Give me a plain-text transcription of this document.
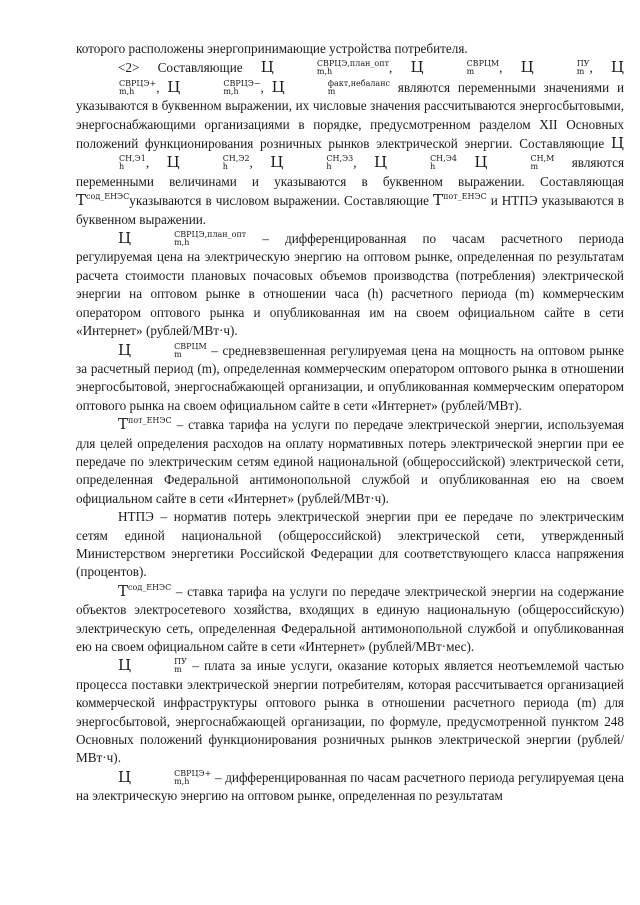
которого расположены энергопринимающие устройства потребителя.

<2> Составляющие Ц	СВРЦЭ,план_опт
m,h	, Ц	СВРЦМ
m	, Ц	ПУ
m , Ц
СВРЦЭ+
m,h	, Ц	СВРЦЭ−
m,h	, Ц	факт,небаланс
m	являются переменными значениями и указываются в буквенном выражении, их числовые значения рассчитываются энергосбытовыми, энергоснабжающими организациями в порядке, предусмотренном разделом XII Основных положений функционирования розничных рынков электрической энергии. Составляющие Ц
СН,Э1
h	, Ц	СН,Э2
h	, Ц	СН,Э3
h	, Ц	СН,Э4
h	Ц	СН,М
m	являются переменными величинами и указываются в буквенном выражении. Составляющая $Т^{сод\_ЕНЭС}указываются$ в числовом выражении. Составляющие $Т^{пот\_ЕНЭС}$ и НТПЭ указываются в буквенном выражении.

Ц	СВРЦЭ,план_опт
m,h	– дифференцированная по часам расчетного периода регулируемая цена на электрическую энергию на оптовом рынке, определенная по результатам расчета стоимости плановых почасовых объемов производства (потребления) электрической энергии на оптовом рынке в отношении часа (h) расчетного периода (m) коммерческим оператором оптового рынка и опубликованная им на своем официальном сайте в сети «Интернет» (рублей/МВт·ч).

Ц	СВРЦМ
m	– средневзвешенная регулируемая цена на мощность на оптовом рынке за расчетный период (m), определенная коммерческим оператором оптового рынка в отношении энергосбытовой, энергоснабжающей организации, и опубликованная коммерческим оператором оптового рынка на своем официальном сайте в сети «Интернет» (рублей/МВт).

$Т^{пот\_ЕНЭС}$ – ставка тарифа на услуги по передаче электрической энергии, используемая для целей определения расходов на оплату нормативных потерь электрической энергии при ее передаче по электрическим сетям единой национальной (общероссийской) электрической сети, определенная Федеральной антимонопольной службой и опубликованная ею на своем официальном сайте в сети «Интернет» (рублей/МВт·ч).

НТПЭ – норматив потерь электрической энергии при ее передаче по электрическим сетям единой национальной (общероссийской) электрической сети, утвержденный Министерством энергетики Российской Федерации для соответствующего класса напряжения (процентов).

$Т^{сод\_ЕНЭС}$ – ставка тарифа на услуги по передаче электрической энергии на содержание объектов электросетевого хозяйства, входящих в единую национальную (общероссийскую) электрическую сеть, определенная Федеральной антимонопольной службой и опубликованная ею на своем официальном сайте в сети «Интернет» (рублей/МВт·мес).

Ц	ПУ
m – плата за иные услуги, оказание которых является неотъемлемой частью процесса поставки электрической энергии потребителям, которая рассчитывается организацией коммерческой инфраструктуры оптового рынка в отношении расчетного периода (m) для энергосбытовой, энергоснабжающей организации, по формуле, предусмотренной пунктом 248 Основных положений функционирования розничных рынков электрической энергии (рублей/МВт·ч).

Ц	СВРЦЭ+
m,h	– дифференцированная по часам расчетного периода регулируемая цена на электрическую энергию на оптовом рынке, определенная по результатам
